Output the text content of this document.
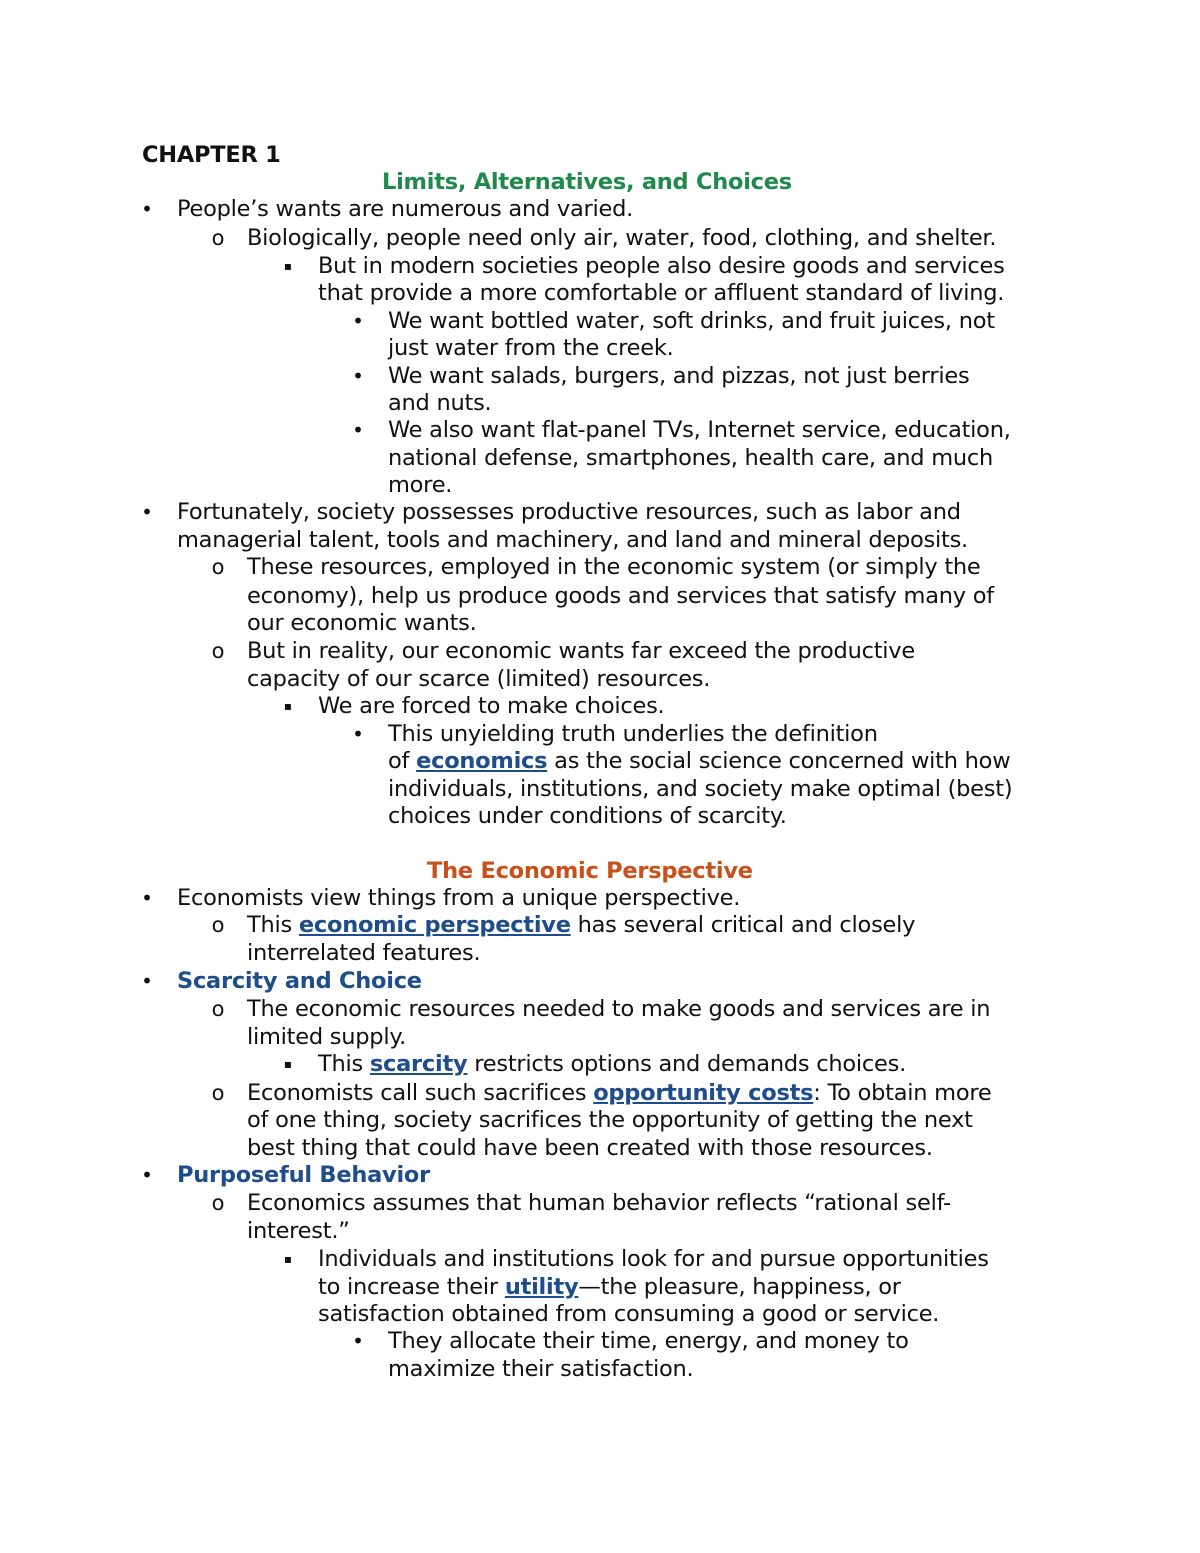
CHAPTER 1
Limits, Alternatives, and Choices
• People’s wants are numerous and varied.
o Biologically, people need only air, water, food, clothing, and shelter.
▪ But in modern societies people also desire goods and services
that provide a more comfortable or affluent standard of living.
• We want bottled water, soft drinks, and fruit juices, not
just water from the creek.
• We want salads, burgers, and pizzas, not just berries
and nuts.
• We also want flat-panel TVs, Internet service, education,
national defense, smartphones, health care, and much
more.
• Fortunately, society possesses productive resources, such as labor and
managerial talent, tools and machinery, and land and mineral deposits.
o These resources, employed in the economic system (or simply the
economy), help us produce goods and services that satisfy many of
our economic wants.
o But in reality, our economic wants far exceed the productive
capacity of our scarce (limited) resources.
▪ We are forced to make choices.
• This unyielding truth underlies the definition
of economics as the social science concerned with how
individuals, institutions, and society make optimal (best)
choices under conditions of scarcity.
The Economic Perspective
• Economists view things from a unique perspective.
o This economic perspective has several critical and closely
interrelated features.
• Scarcity and Choice
o The economic resources needed to make goods and services are in
limited supply.
▪ This scarcity restricts options and demands choices.
o Economists call such sacrifices opportunity costs: To obtain more
of one thing, society sacrifices the opportunity of getting the next
best thing that could have been created with those resources.
• Purposeful Behavior
o Economics assumes that human behavior reflects “rational self-
interest.”
▪ Individuals and institutions look for and pursue opportunities
to increase their utility—the pleasure, happiness, or
satisfaction obtained from consuming a good or service.
• They allocate their time, energy, and money to
maximize their satisfaction.
